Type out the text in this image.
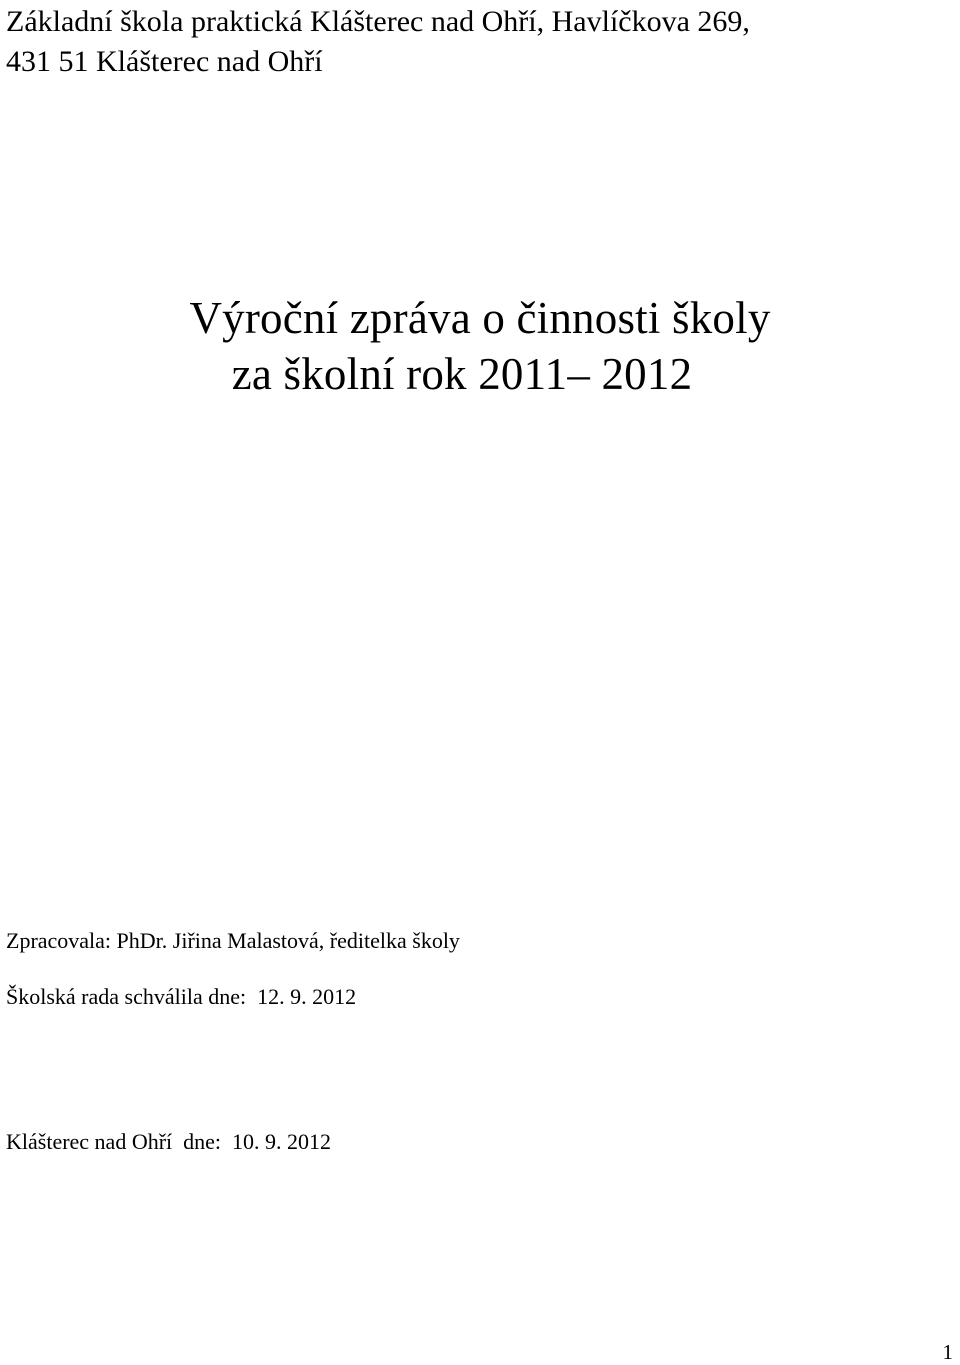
Základní škola praktická Klášterec nad Ohří, Havlíčkova 269,
431 51 Klášterec nad Ohří
Výroční zpráva o činnosti školy
za školní rok 2011– 2012
Zpracovala: PhDr. Jiřina Malastová, ředitelka školy
Školská rada schválila dne:  12. 9. 2012
Klášterec nad Ohří  dne:  10. 9. 2012
1
